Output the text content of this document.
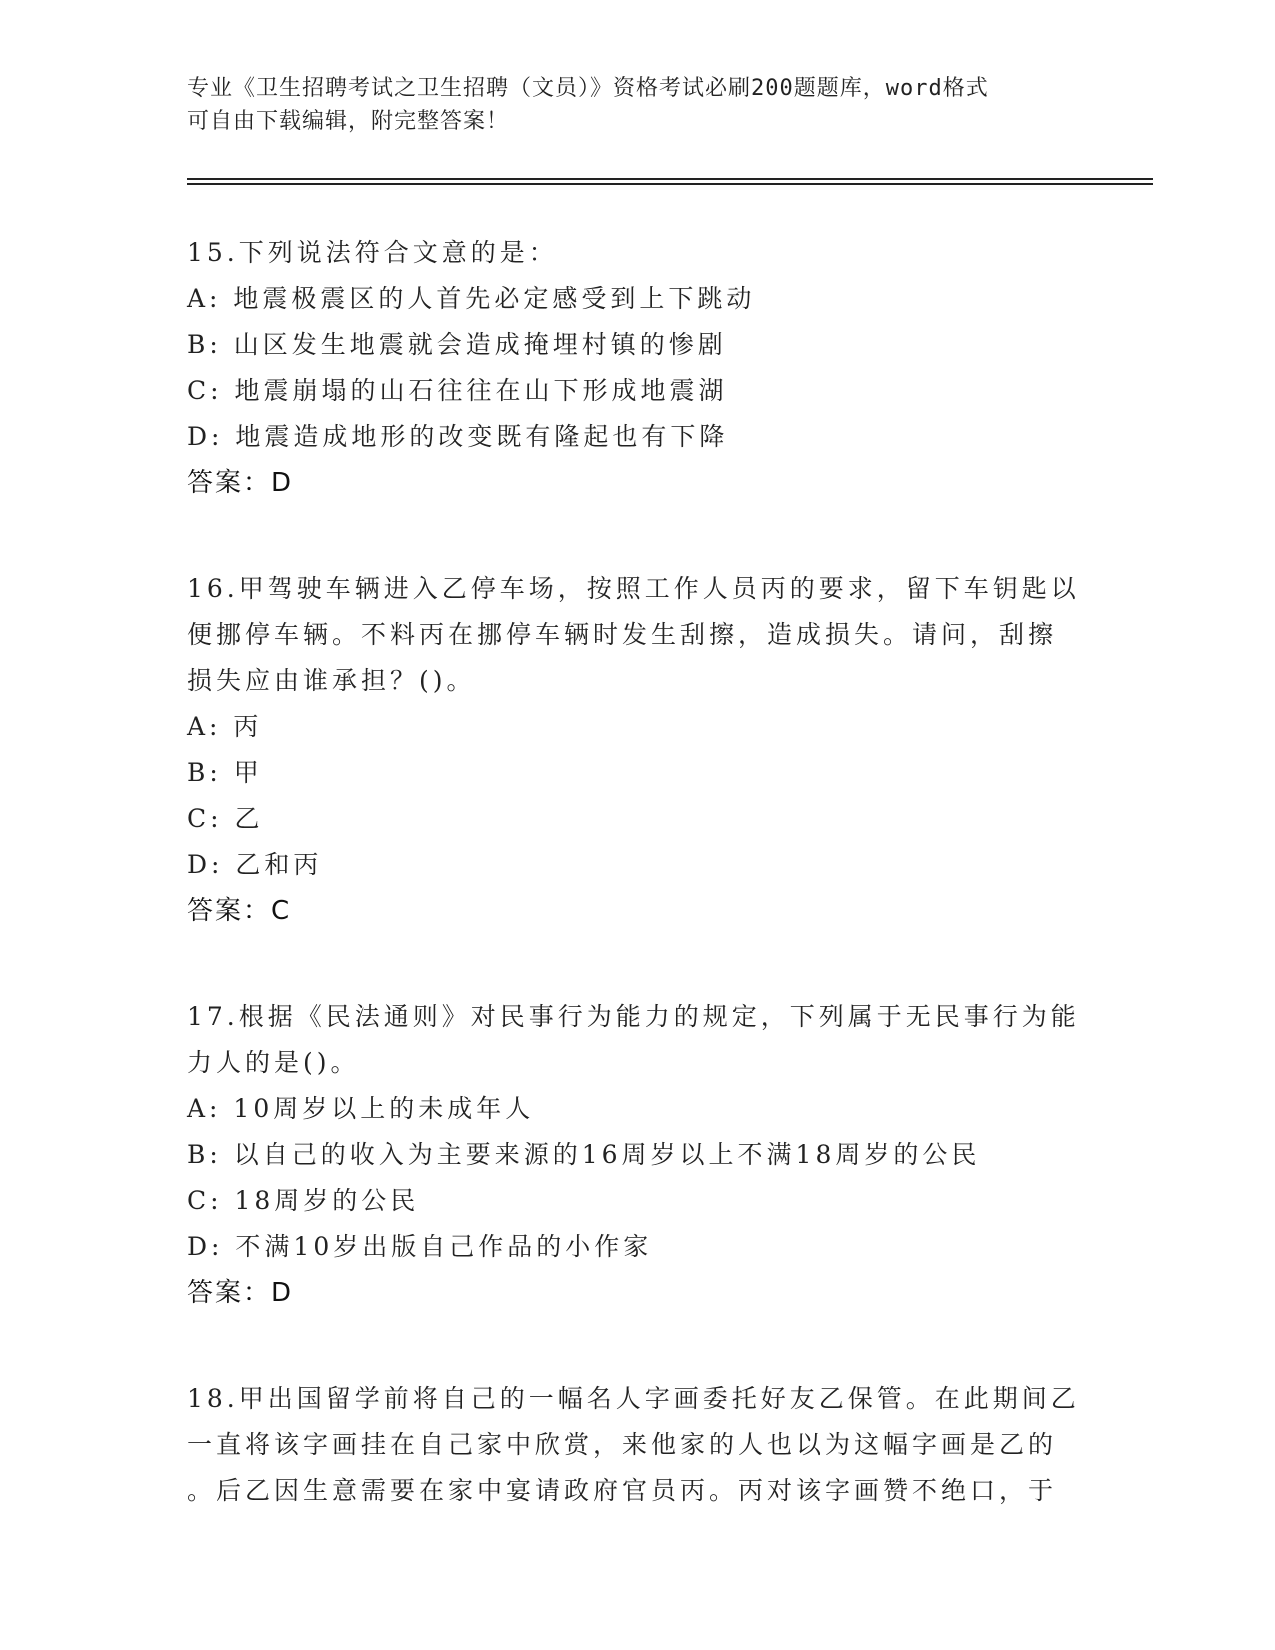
专业《卫生招聘考试之卫生招聘（文员）》资格考试必刷200题题库，word格式
可自由下载编辑，附完整答案！
15.下列说法符合文意的是：
A: 地震极震区的人首先必定感受到上下跳动
B: 山区发生地震就会造成掩埋村镇的惨剧
C: 地震崩塌的山石往往在山下形成地震湖
D: 地震造成地形的改变既有隆起也有下降
答案：D
16.甲驾驶车辆进入乙停车场，按照工作人员丙的要求，留下车钥匙以
便挪停车辆。不料丙在挪停车辆时发生刮擦，造成损失。请问，刮擦
损失应由谁承担？()。
A: 丙
B: 甲
C: 乙
D: 乙和丙
答案：C
17.根据《民法通则》对民事行为能力的规定，下列属于无民事行为能
力人的是()。
A: 10周岁以上的未成年人
B: 以自己的收入为主要来源的16周岁以上不满18周岁的公民
C: 18周岁的公民
D: 不满10岁出版自己作品的小作家
答案：D
18.甲出国留学前将自己的一幅名人字画委托好友乙保管。在此期间乙
一直将该字画挂在自己家中欣赏，来他家的人也以为这幅字画是乙的
。后乙因生意需要在家中宴请政府官员丙。丙对该字画赞不绝口，于
